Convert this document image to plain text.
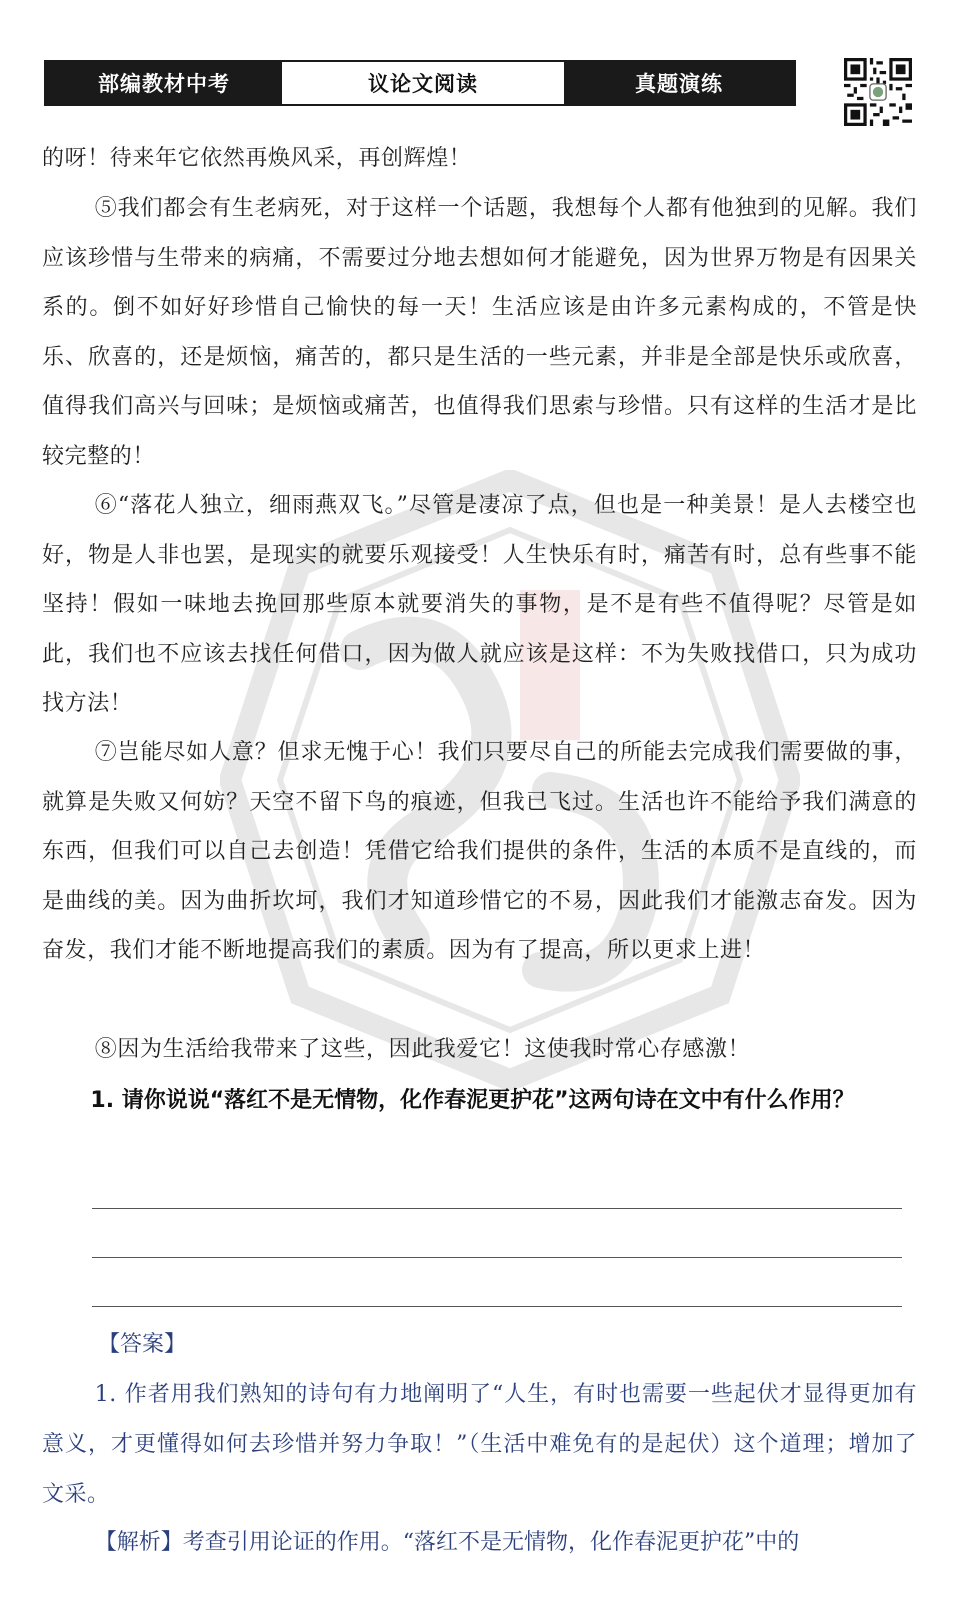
部编教材中考	议论文阅读	真题演练

的呀！待来年它依然再焕风采，再创辉煌！

⑤我们都会有生老病死，对于这样一个话题，我想每个人都有他独到的见解。我们应该珍惜与生带来的病痛，不需要过分地去想如何才能避免，因为世界万物是有因果关系的。倒不如好好珍惜自己愉快的每一天！生活应该是由许多元素构成的，不管是快乐、欣喜的，还是烦恼，痛苦的，都只是生活的一些元素，并非是全部是快乐或欣喜，值得我们高兴与回味；是烦恼或痛苦，也值得我们思索与珍惜。只有这样的生活才是比较完整的！

⑥“落花人独立，细雨燕双飞。”尽管是凄凉了点，但也是一种美景！是人去楼空也好，物是人非也罢，是现实的就要乐观接受！人生快乐有时，痛苦有时，总有些事不能坚持！假如一味地去挽回那些原本就要消失的事物，是不是有些不值得呢？尽管是如此，我们也不应该去找任何借口，因为做人就应该是这样：不为失败找借口，只为成功找方法！

⑦岂能尽如人意？但求无愧于心！我们只要尽自己的所能去完成我们需要做的事，就算是失败又何妨？天空不留下鸟的痕迹，但我已飞过。生活也许不能给予我们满意的东西，但我们可以自己去创造！凭借它给我们提供的条件，生活的本质不是直线的，而是曲线的美。因为曲折坎坷，我们才知道珍惜它的不易，因此我们才能激志奋发。因为奋发，我们才能不断地提高我们的素质。因为有了提高，所以更求上进！

⑧因为生活给我带来了这些，因此我爱它！这使我时常心存感激！

1. 请你说说“落红不是无情物，化作春泥更护花”这两句诗在文中有什么作用？

【答案】

1. 作者用我们熟知的诗句有力地阐明了“人生，有时也需要一些起伏才显得更加有意义，才更懂得如何去珍惜并努力争取！”（生活中难免有的是起伏）这个道理；增加了文采。

【解析】考查引用论证的作用。“落红不是无情物，化作春泥更护花”中的
